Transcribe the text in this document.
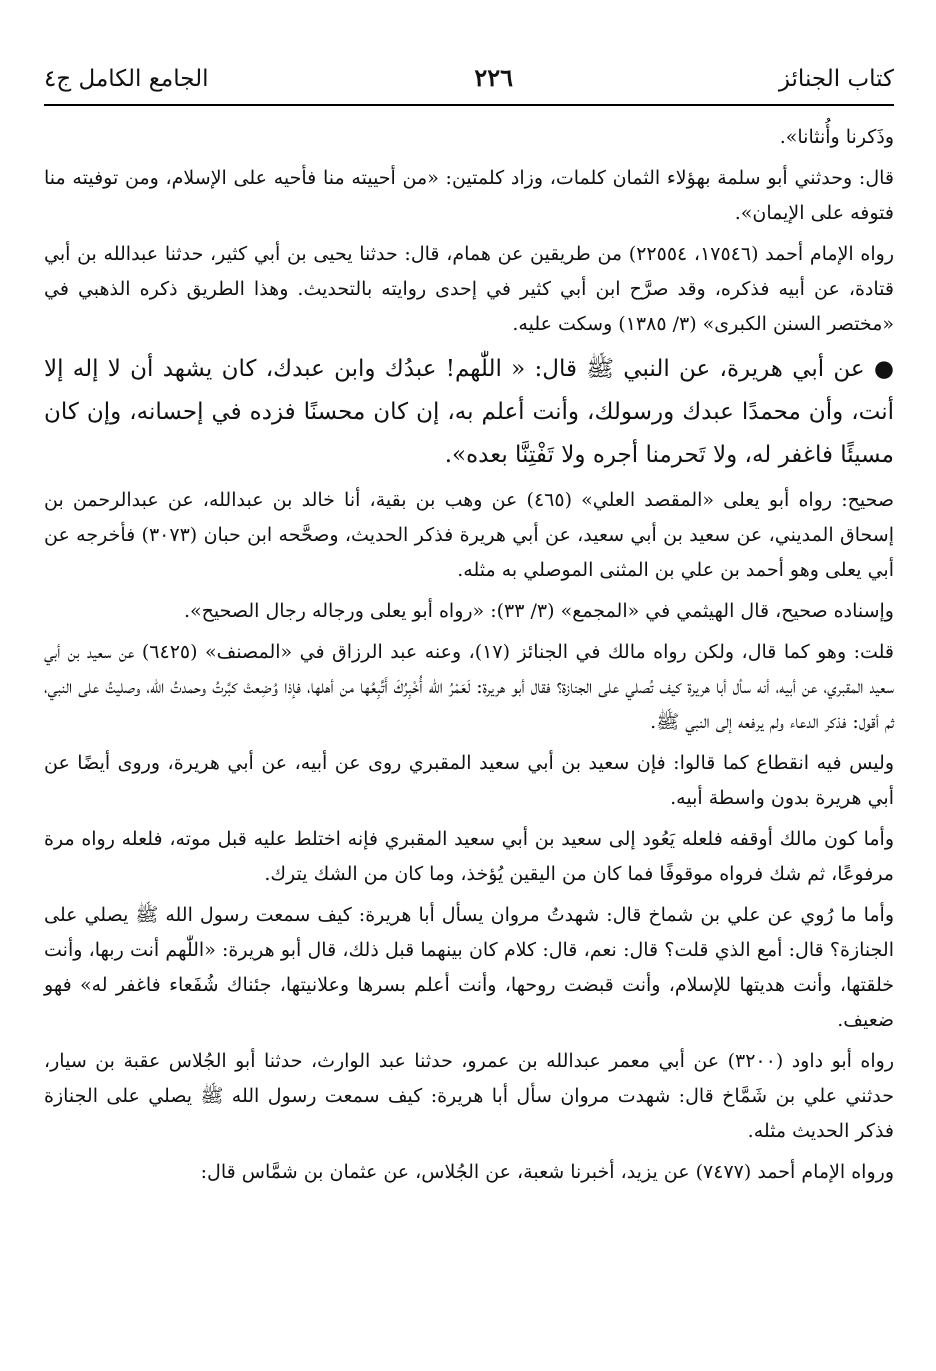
كتاب الجنائز
٢٢٦
الجامع الكامل ج٤

وذَكرنا وأُنثانا».

قال: وحدثني أبو سلمة بهؤلاء الثمان كلمات، وزاد كلمتين: «من أحييته منا فأحيه على الإسلام، ومن توفيته منا فتوفه على الإيمان».

رواه الإمام أحمد (١٧٥٤٦، ٢٢٥٥٤) من طريقين عن همام، قال: حدثنا يحيى بن أبي كثير، حدثنا عبدالله بن أبي قتادة، عن أبيه فذكره، وقد صرَّح ابن أبي كثير في إحدى روايته بالتحديث. وهذا الطريق ذكره الذهبي في «مختصر السنن الكبرى» (٣/ ١٣٨٥) وسكت عليه.

● عن أبي هريرة، عن النبي ﷺ قال: « اللّٰهم! عبدُك وابن عبدك، كان يشهد أن لا إله إلا أنت، وأن محمدًا عبدك ورسولك، وأنت أعلم به، إن كان محسنًا فزده في إحسانه، وإن كان مسيئًا فاغفر له، ولا تَحرمنا أجره ولا تَفْتِنَّا بعده».

صحيح: رواه أبو يعلى «المقصد العلي» (٤٦٥) عن وهب بن بقية، أنا خالد بن عبدالله، عن عبدالرحمن بن إسحاق المديني، عن سعيد بن أبي سعيد، عن أبي هريرة فذكر الحديث، وصحَّحه ابن حبان (٣٠٧٣) فأخرجه عن أبي يعلى وهو أحمد بن علي بن المثنى الموصلي به مثله.

وإسناده صحيح، قال الهيثمي في «المجمع» (٣/ ٣٣): «رواه أبو يعلى ورجاله رجال الصحيح».

قلت: وهو كما قال، ولكن رواه مالك في الجنائز (١٧)، وعنه عبد الرزاق في «المصنف» (٦٤٢٥) عن سعيد بن أبي سعيد المقبري، عن أبيه، أنه سأل أبا هريرة كيف تُصلي على الجنازة؟ فقال أبو هريرة: لَعَمْرُ الله أُخْبِرُكَ أَتَّبِعُها من أهلها، فإذا وُضِعتْ كبَّرتُ وحمدتُ اللّٰه، وصليتُ على النبي، ثم أقول: فذكر الدعاء ولم يرفعه إلى النبي ﷺ.

وليس فيه انقطاع كما قالوا: فإن سعيد بن أبي سعيد المقبري روى عن أبيه، عن أبي هريرة، وروى أيضًا عن أبي هريرة بدون واسطة أبيه.

وأما كون مالك أوقفه فلعله يَعُود إلى سعيد بن أبي سعيد المقبري فإنه اختلط عليه قبل موته، فلعله رواه مرة مرفوعًا، ثم شك فرواه موقوفًا فما كان من اليقين يُؤخذ، وما كان من الشك يترك.

وأما ما رُوي عن علي بن شماخ قال: شهدتُ مروان يسأل أبا هريرة: كيف سمعت رسول الله ﷺ يصلي على الجنازة؟ قال: أمع الذي قلت؟ قال: نعم، قال: كلام كان بينهما قبل ذلك، قال أبو هريرة: «اللّٰهم أنت ربها، وأنت خلقتها، وأنت هديتها للإسلام، وأنت قبضت روحها، وأنت أعلم بسرها وعلانيتها، جئناك شُفَعاء فاغفر له» فهو ضعيف.

رواه أبو داود (٣٢٠٠) عن أبي معمر عبدالله بن عمرو، حدثنا عبد الوارث، حدثنا أبو الجُلاس عقبة بن سيار، حدثني علي بن شَمَّاخ قال: شهدت مروان سأل أبا هريرة: كيف سمعت رسول الله ﷺ يصلي على الجنازة فذكر الحديث مثله.

ورواه الإمام أحمد (٧٤٧٧) عن يزيد، أخبرنا شعبة، عن الجُلاس، عن عثمان بن شمَّاس قال:
